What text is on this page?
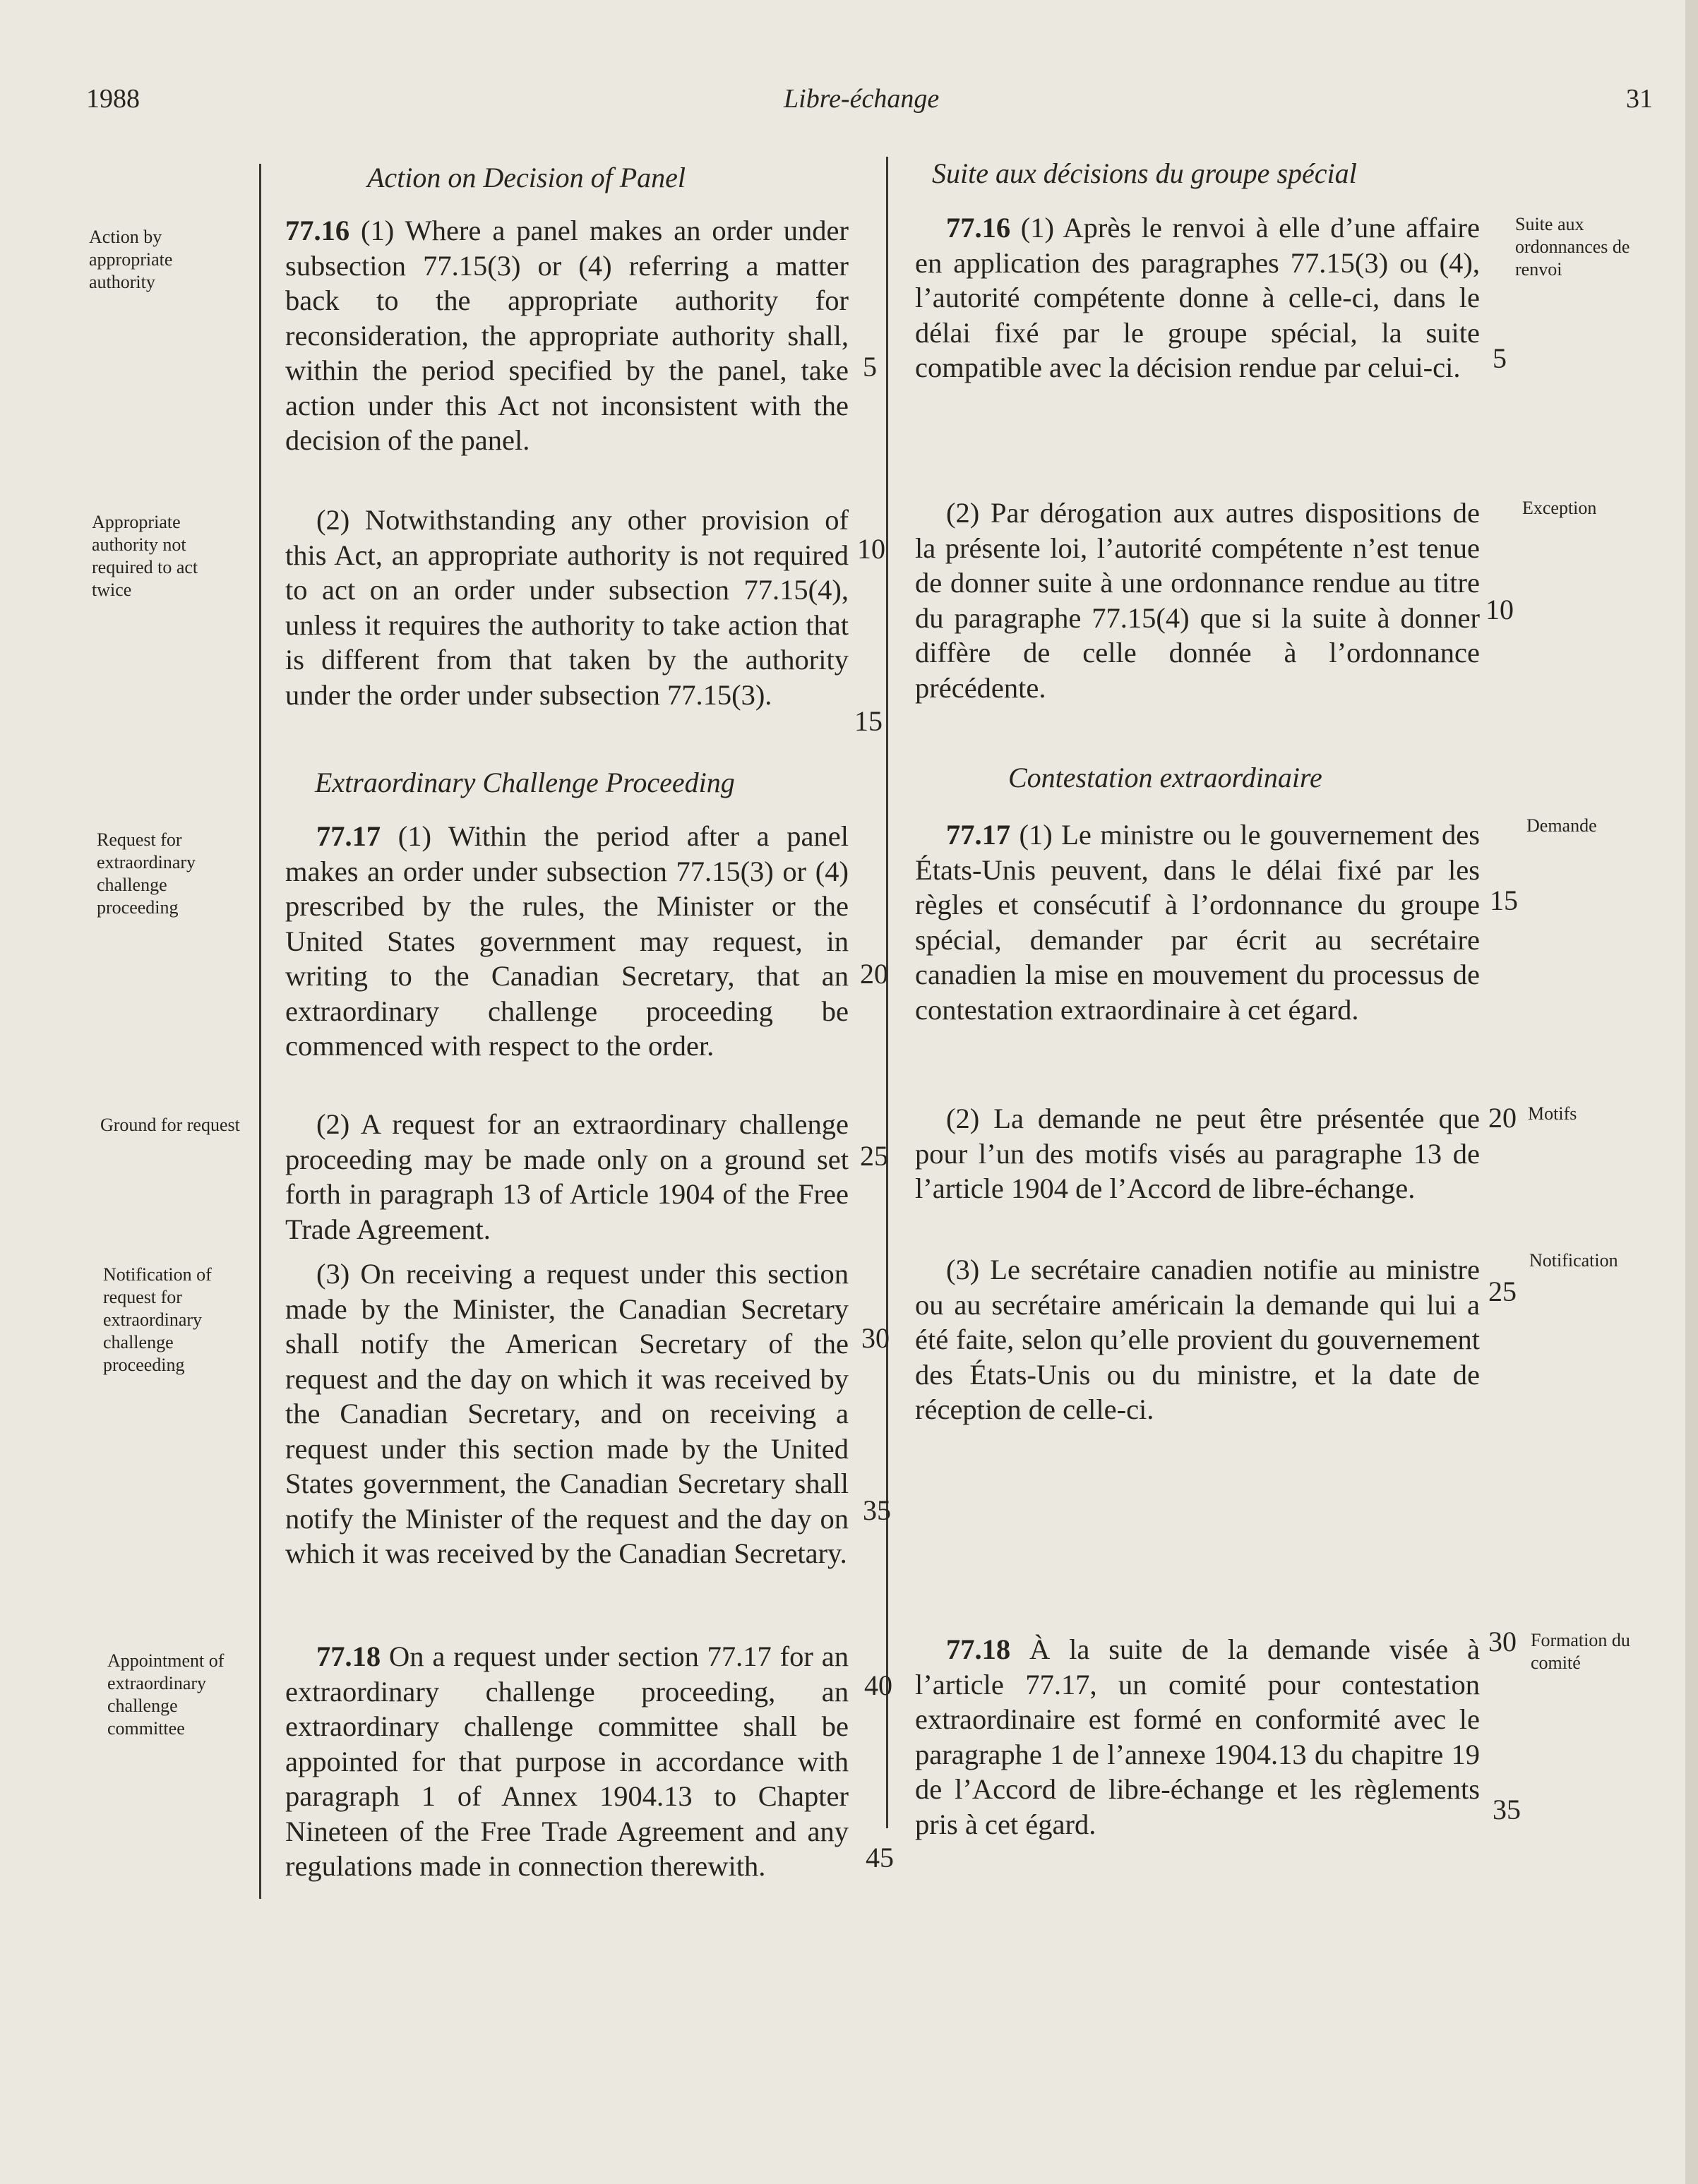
1988	Libre-échange	31

Action by appropriate authority

Appropriate authority not required to act twice

Request for extraordinary challenge proceeding

Ground for request

Notification of request for extraordinary challenge proceeding

Appointment of extraordinary challenge committee

Action on Decision of Panel

77.16 (1) Where a panel makes an order under subsection 77.15(3) or (4) referring a matter back to the appropriate authority for reconsideration, the appropriate authority shall, within the period specified by the panel, take action under this Act not inconsistent with the decision of the panel.

(2) Notwithstanding any other provision of this Act, an appropriate authority is not required to act on an order under subsection 77.15(4), unless it requires the authority to take action that is different from that taken by the authority under the order under subsection 77.15(3).

Extraordinary Challenge Proceeding

77.17 (1) Within the period after a panel makes an order under subsection 77.15(3) or (4) prescribed by the rules, the Minister or the United States government may request, in writing to the Canadian Secretary, that an extraordinary challenge proceeding be commenced with respect to the order.

(2) A request for an extraordinary challenge proceeding may be made only on a ground set forth in paragraph 13 of Article 1904 of the Free Trade Agreement.

(3) On receiving a request under this section made by the Minister, the Canadian Secretary shall notify the American Secretary of the request and the day on which it was received by the Canadian Secretary, and on receiving a request under this section made by the United States government, the Canadian Secretary shall notify the Minister of the request and the day on which it was received by the Canadian Secretary.

77.18 On a request under section 77.17 for an extraordinary challenge proceeding, an extraordinary challenge committee shall be appointed for that purpose in accordance with paragraph 1 of Annex 1904.13 to Chapter Nineteen of the Free Trade Agreement and any regulations made in connection therewith.

5
10
15
20
25
30
35
40
45
Suite aux décisions du groupe spécial

77.16 (1) Après le renvoi à elle d’une affaire en application des paragraphes 77.15(3) ou (4), l’autorité compétente donne à celle-ci, dans le délai fixé par le groupe spécial, la suite compatible avec la décision rendue par celui-ci.

(2) Par dérogation aux autres dispositions de la présente loi, l’autorité compétente n’est tenue de donner suite à une ordonnance rendue au titre du paragraphe 77.15(4) que si la suite à donner diffère de celle donnée à l’ordonnance précédente.

Contestation extraordinaire

77.17 (1) Le ministre ou le gouvernement des États-Unis peuvent, dans le délai fixé par les règles et consécutif à l’ordonnance du groupe spécial, demander par écrit au secrétaire canadien la mise en mouvement du processus de contestation extraordinaire à cet égard.

(2) La demande ne peut être présentée que pour l’un des motifs visés au paragraphe 13 de l’article 1904 de l’Accord de libre-échange.

(3) Le secrétaire canadien notifie au ministre ou au secrétaire américain la demande qui lui a été faite, selon qu’elle provient du gouvernement des États-Unis ou du ministre, et la date de réception de celle-ci.

77.18 À la suite de la demande visée à l’article 77.17, un comité pour contestation extraordinaire est formé en conformité avec le paragraphe 1 de l’annexe 1904.13 du chapitre 19 de l’Accord de libre-échange et les règlements pris à cet égard.

5
10
15
20
25
30
35

Suite aux ordonnances de renvoi

Exception

Demande

Motifs

Notification

Formation du comité
